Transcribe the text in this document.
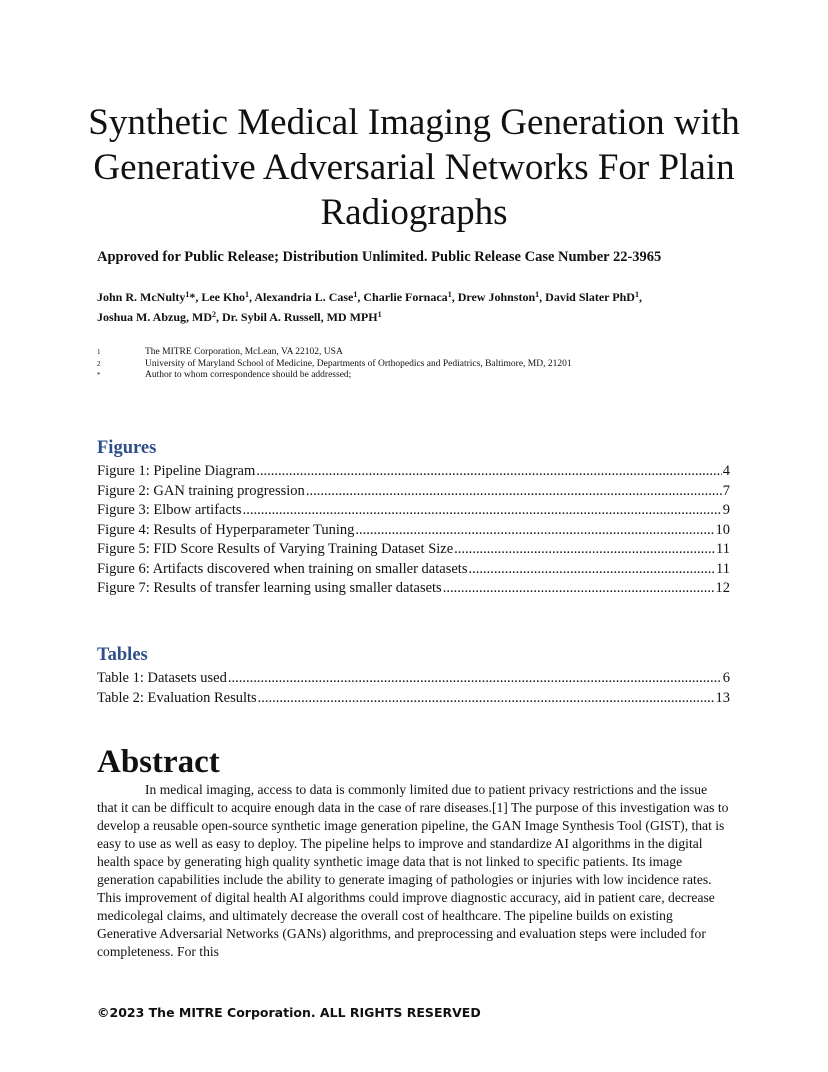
Synthetic Medical Imaging Generation with Generative Adversarial Networks For Plain Radiographs

Approved for Public Release; Distribution Unlimited. Public Release Case Number 22-3965

John R. McNulty$^1$*, Lee Kho$^1$, Alexandria L. Case$^1$, Charlie Fornaca$^1$, Drew Johnston$^1$, David Slater PhD$^1$,
Joshua M. Abzug, $MD^2$, Dr. Sybil A. Russell, MD MPH$^1$
1	The MITRE Corporation, McLean, VA 22102, USA
2	University of Maryland School of Medicine, Departments of Orthopedics and Pediatrics, Baltimore, MD, 21201
*	Author to whom correspondence should be addressed;
Figures
Figure 1: Pipeline Diagram .....	4
Figure 2: GAN training progression .....	7
Figure 3: Elbow artifacts .....	9
Figure 4: Results of Hyperparameter Tuning .....	10
Figure 5: FID Score Results of Varying Training Dataset Size .....	11
Figure 6: Artifacts discovered when training on smaller datasets .....	11
Figure 7: Results of transfer learning using smaller datasets .....	12
Tables
Table 1: Datasets used .....	6
Table 2: Evaluation Results .....	13
Abstract

In medical imaging, access to data is commonly limited due to patient privacy restrictions and the issue that it can be difficult to acquire enough data in the case of rare diseases.[1] The purpose of this investigation was to develop a reusable open-source synthetic image generation pipeline, the GAN Image Synthesis Tool (GIST), that is easy to use as well as easy to deploy. The pipeline helps to improve and standardize AI algorithms in the digital health space by generating high quality synthetic image data that is not linked to specific patients. Its image generation capabilities include the ability to generate imaging of pathologies or injuries with low incidence rates. This improvement of digital health AI algorithms could improve diagnostic accuracy, aid in patient care, decrease medicolegal claims, and ultimately decrease the overall cost of healthcare. The pipeline builds on existing Generative Adversarial Networks (GANs) algorithms, and preprocessing and evaluation steps were included for completeness. For this

©2023 The MITRE Corporation. ALL RIGHTS RESERVED
